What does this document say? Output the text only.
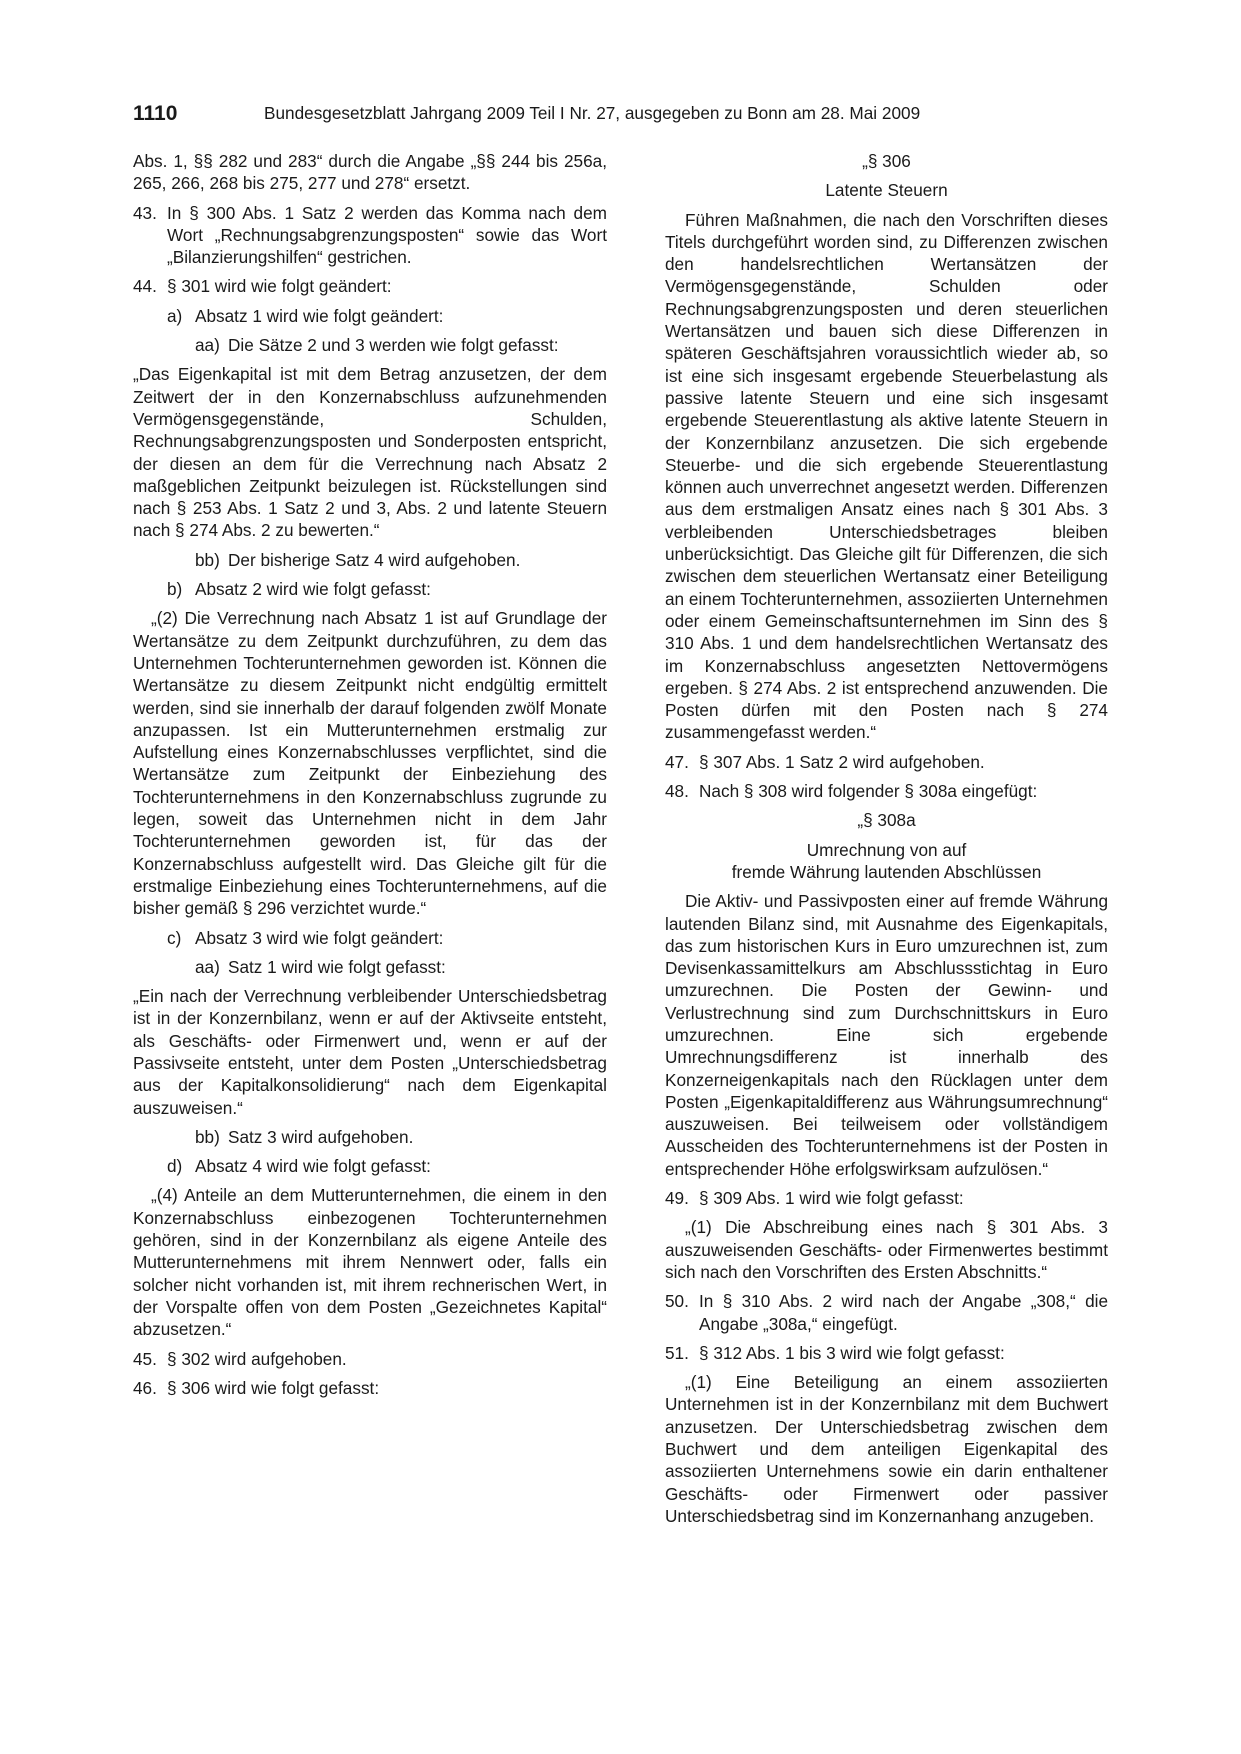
1110	Bundesgesetzblatt Jahrgang 2009 Teil I Nr. 27, ausgegeben zu Bonn am 28. Mai 2009

Abs. 1, §§ 282 und 283“ durch die Angabe „§§ 244 bis 256a, 265, 266, 268 bis 275, 277 und 278“ ersetzt.

43. In § 300 Abs. 1 Satz 2 werden das Komma nach dem Wort „Rechnungsabgrenzungsposten“ sowie das Wort „Bilanzierungshilfen“ gestrichen.
44. § 301 wird wie folgt geändert:
a) Absatz 1 wird wie folgt geändert:
aa) Die Sätze 2 und 3 werden wie folgt gefasst:

„Das Eigenkapital ist mit dem Betrag anzusetzen, der dem Zeitwert der in den Konzernabschluss aufzunehmenden Vermögensgegenstände, Schulden, Rechnungsabgrenzungsposten und Sonderposten entspricht, der diesen an dem für die Verrechnung nach Absatz 2 maßgeblichen Zeitpunkt beizulegen ist. Rückstellungen sind nach § 253 Abs. 1 Satz 2 und 3, Abs. 2 und latente Steuern nach § 274 Abs. 2 zu bewerten.“

bb) Der bisherige Satz 4 wird aufgehoben.
b) Absatz 2 wird wie folgt gefasst:

„(2) Die Verrechnung nach Absatz 1 ist auf Grundlage der Wertansätze zu dem Zeitpunkt durchzuführen, zu dem das Unternehmen Tochterunternehmen geworden ist. Können die Wertansätze zu diesem Zeitpunkt nicht endgültig ermittelt werden, sind sie innerhalb der darauf folgenden zwölf Monate anzupassen. Ist ein Mutterunternehmen erstmalig zur Aufstellung eines Konzernabschlusses verpflichtet, sind die Wertansätze zum Zeitpunkt der Einbeziehung des Tochterunternehmens in den Konzernabschluss zugrunde zu legen, soweit das Unternehmen nicht in dem Jahr Tochterunternehmen geworden ist, für das der Konzernabschluss aufgestellt wird. Das Gleiche gilt für die erstmalige Einbeziehung eines Tochterunternehmens, auf die bisher gemäß § 296 verzichtet wurde.“

c) Absatz 3 wird wie folgt geändert:
aa) Satz 1 wird wie folgt gefasst:

„Ein nach der Verrechnung verbleibender Unterschiedsbetrag ist in der Konzernbilanz, wenn er auf der Aktivseite entsteht, als Geschäfts- oder Firmenwert und, wenn er auf der Passivseite entsteht, unter dem Posten „Unterschiedsbetrag aus der Kapitalkonsolidierung“ nach dem Eigenkapital auszuweisen.“

bb) Satz 3 wird aufgehoben.
d) Absatz 4 wird wie folgt gefasst:

„(4) Anteile an dem Mutterunternehmen, die einem in den Konzernabschluss einbezogenen Tochterunternehmen gehören, sind in der Konzernbilanz als eigene Anteile des Mutterunternehmens mit ihrem Nennwert oder, falls ein solcher nicht vorhanden ist, mit ihrem rechnerischen Wert, in der Vorspalte offen von dem Posten „Gezeichnetes Kapital“ abzusetzen.“

45. § 302 wird aufgehoben.
46. § 306 wird wie folgt gefasst:

„§ 306

Latente Steuern

Führen Maßnahmen, die nach den Vorschriften dieses Titels durchgeführt worden sind, zu Differenzen zwischen den handelsrechtlichen Wertansätzen der Vermögensgegenstände, Schulden oder Rechnungsabgrenzungsposten und deren steuerlichen Wertansätzen und bauen sich diese Differenzen in späteren Geschäftsjahren voraussichtlich wieder ab, so ist eine sich insgesamt ergebende Steuerbelastung als passive latente Steuern und eine sich insgesamt ergebende Steuerentlastung als aktive latente Steuern in der Konzernbilanz anzusetzen. Die sich ergebende Steuerbe- und die sich ergebende Steuerentlastung können auch unverrechnet angesetzt werden. Differenzen aus dem erstmaligen Ansatz eines nach § 301 Abs. 3 verbleibenden Unterschiedsbetrages bleiben unberücksichtigt. Das Gleiche gilt für Differenzen, die sich zwischen dem steuerlichen Wertansatz einer Beteiligung an einem Tochterunternehmen, assoziierten Unternehmen oder einem Gemeinschaftsunternehmen im Sinn des § 310 Abs. 1 und dem handelsrechtlichen Wertansatz des im Konzernabschluss angesetzten Nettovermögens ergeben. § 274 Abs. 2 ist entsprechend anzuwenden. Die Posten dürfen mit den Posten nach § 274 zusammengefasst werden.“

47. § 307 Abs. 1 Satz 2 wird aufgehoben.
48. Nach § 308 wird folgender § 308a eingefügt:

„§ 308a

Umrechnung von auf

fremde Währung lautenden Abschlüssen

Die Aktiv- und Passivposten einer auf fremde Währung lautenden Bilanz sind, mit Ausnahme des Eigenkapitals, das zum historischen Kurs in Euro umzurechnen ist, zum Devisenkassamittelkurs am Abschlussstichtag in Euro umzurechnen. Die Posten der Gewinn- und Verlustrechnung sind zum Durchschnittskurs in Euro umzurechnen. Eine sich ergebende Umrechnungsdifferenz ist innerhalb des Konzerneigenkapitals nach den Rücklagen unter dem Posten „Eigenkapitaldifferenz aus Währungsumrechnung“ auszuweisen. Bei teilweisem oder vollständigem Ausscheiden des Tochterunternehmens ist der Posten in entsprechender Höhe erfolgswirksam aufzulösen.“

49. § 309 Abs. 1 wird wie folgt gefasst:

„(1) Die Abschreibung eines nach § 301 Abs. 3 auszuweisenden Geschäfts- oder Firmenwertes bestimmt sich nach den Vorschriften des Ersten Abschnitts.“

50. In § 310 Abs. 2 wird nach der Angabe „308,“ die Angabe „308a,“ eingefügt.
51. § 312 Abs. 1 bis 3 wird wie folgt gefasst:

„(1) Eine Beteiligung an einem assoziierten Unternehmen ist in der Konzernbilanz mit dem Buchwert anzusetzen. Der Unterschiedsbetrag zwischen dem Buchwert und dem anteiligen Eigenkapital des assoziierten Unternehmens sowie ein darin enthaltener Geschäfts- oder Firmenwert oder passiver Unterschiedsbetrag sind im Konzernanhang anzugeben.
